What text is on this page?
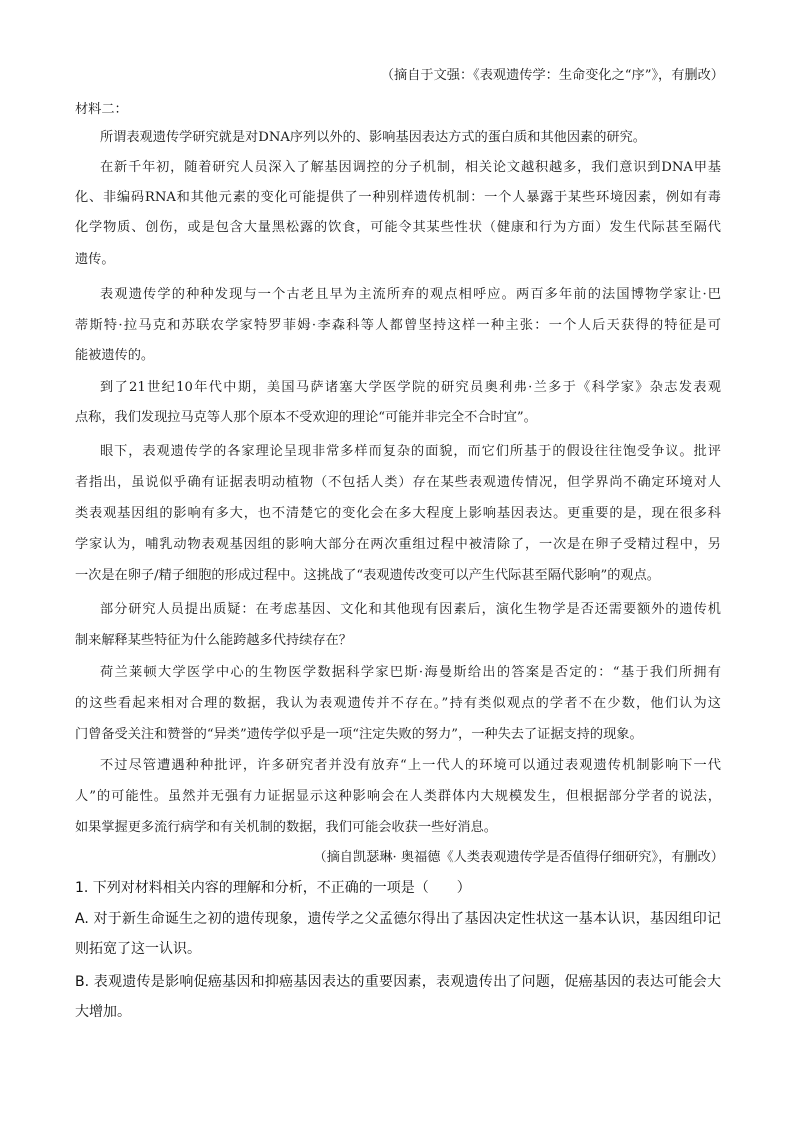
（摘自于文强：《表观遗传学：生命变化之“序”》，有删改）
材料二：
所谓表观遗传学研究就是对DNA序列以外的、影响基因表达方式的蛋白质和其他因素的研究。
在新千年初，随着研究人员深入了解基因调控的分子机制，相关论文越积越多，我们意识到DNA甲基
化、非编码RNA和其他元素的变化可能提供了一种别样遗传机制：一个人暴露于某些环境因素，例如有毒
化学物质、创伤，或是包含大量黑松露的饮食，可能令其某些性状（健康和行为方面）发生代际甚至隔代
遗传。
表观遗传学的种种发现与一个古老且早为主流所弃的观点相呼应。两百多年前的法国博物学家让·巴
蒂斯特·拉马克和苏联农学家特罗菲姆·李森科等人都曾坚持这样一种主张：一个人后天获得的特征是可
能被遗传的。
到了21世纪10年代中期，美国马萨诸塞大学医学院的研究员奥利弗·兰多于《科学家》杂志发表观
点称，我们发现拉马克等人那个原本不受欢迎的理论“可能并非完全不合时宜”。
眼下，表观遗传学的各家理论呈现非常多样而复杂的面貌，而它们所基于的假设往往饱受争议。批评
者指出，虽说似乎确有证据表明动植物（不包括人类）存在某些表观遗传情况，但学界尚不确定环境对人
类表观基因组的影响有多大，也不清楚它的变化会在多大程度上影响基因表达。更重要的是，现在很多科
学家认为，哺乳动物表观基因组的影响大部分在两次重组过程中被清除了，一次是在卵子受精过程中，另
一次是在卵子/精子细胞的形成过程中。这挑战了“表观遗传改变可以产生代际甚至隔代影响”的观点。
部分研究人员提出质疑：在考虑基因、文化和其他现有因素后，演化生物学是否还需要额外的遗传机
制来解释某些特征为什么能跨越多代持续存在？
荷兰莱顿大学医学中心的生物医学数据科学家巴斯·海曼斯给出的答案是否定的：“基于我们所拥有
的这些看起来相对合理的数据，我认为表观遗传并不存在。”持有类似观点的学者不在少数，他们认为这
门曾备受关注和赞誉的“异类”遗传学似乎是一项“注定失败的努力”，一种失去了证据支持的现象。
不过尽管遭遇种种批评，许多研究者并没有放弃“上一代人的环境可以通过表观遗传机制影响下一代
人”的可能性。虽然并无强有力证据显示这种影响会在人类群体内大规模发生，但根据部分学者的说法，
如果掌握更多流行病学和有关机制的数据，我们可能会收获一些好消息。
（摘自凯瑟琳· 奥福德《人类表观遗传学是否值得仔细研究》，有删改）
1. 下列对材料相关内容的理解和分析，不正确的一项是（　　）
A. 对于新生命诞生之初的遗传现象，遗传学之父孟德尔得出了基因决定性状这一基本认识，基因组印记
则拓宽了这一认识。
B. 表观遗传是影响促癌基因和抑癌基因表达的重要因素，表观遗传出了问题，促癌基因的表达可能会大
大增加。
